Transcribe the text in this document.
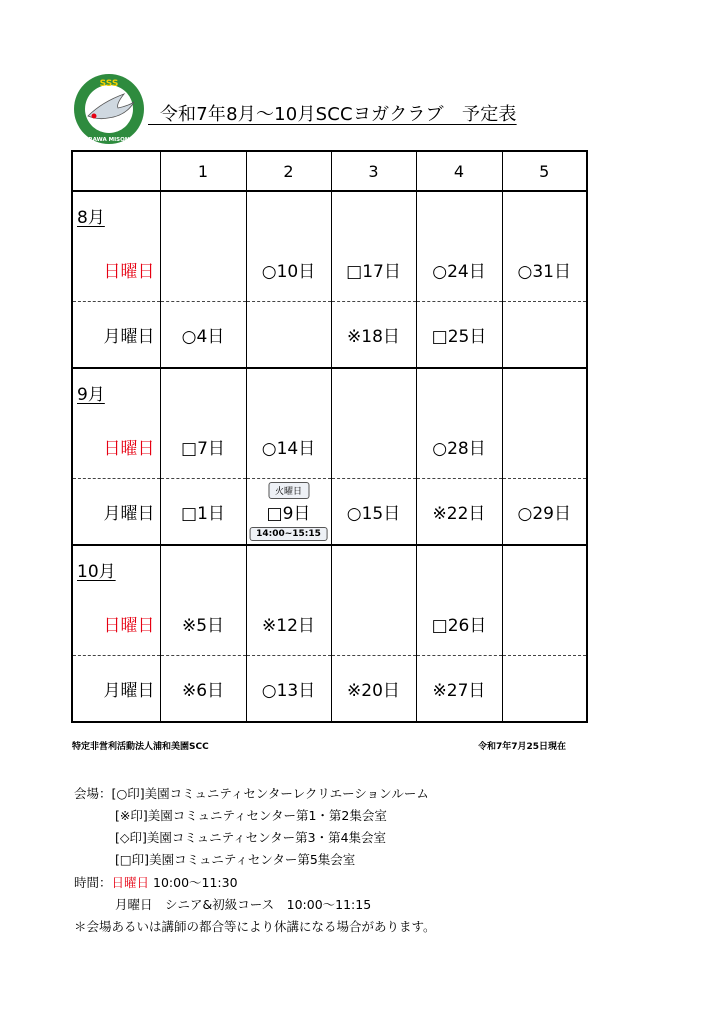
SSS
URAWA MISONO
令和7年8月～10月SCCヨガクラブ　予定表
	1	2	3	4	5
8月					
日曜日		○10日	□17日	○24日	○31日
月曜日	○4日		※18日	□25日	
9月					
日曜日	□7日	○14日		○28日	
月曜日	□1日	火曜日
□9日
14:00~15:15	○15日	※22日	○29日
10月					
日曜日	※5日	※12日		□26日	
月曜日	※6日	○13日	※20日	※27日	
特定非営利活動法人浦和美園SCC	令和7年7月25日現在
会場：[○印]美園コミュニティセンターレクリエーションルーム
[※印]美園コミュニティセンター第1・第2集会室
[◇印]美園コミュニティセンター第3・第4集会室
[□印]美園コミュニティセンター第5集会室
時間：日曜日 10:00～11:30
月曜日　シニア&初級コース　10:00～11:15
＊会場あるいは講師の都合等により休講になる場合があります。
